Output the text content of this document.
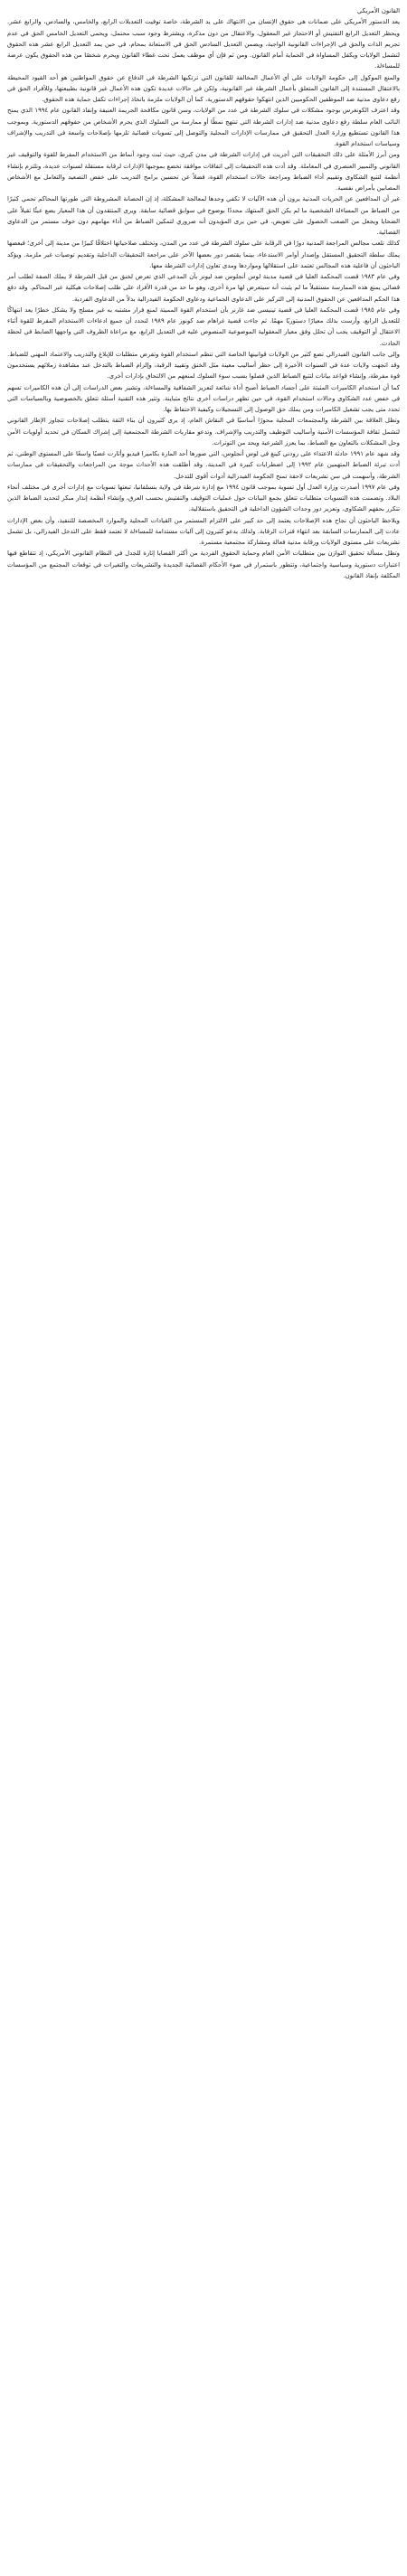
القانون الأمريكي

يعد الدستور الأمريكي على ضمانات هي حقوق الإنسان من الانتهاك على يد الشرطة، خاصة توفيت التعديلات الرابع، والخامس، والسادس، والرابع عشر. ويحظر التعديل الرابع التفتيش أو الاحتجاز غير المعقول، والاعتقال من دون مذكرة، ويشترط وجود سبب محتمل، ويحمي التعديل الخامس الحق في عدم تجريم الذات والحق في الإجراءات القانونية الواجبة، ويضمن التعديل السادس الحق في الاستعانة بمحام، في حين يمد التعديل الرابع عشر هذه الحقوق لتشمل الولايات ويكفل المساواة في الحماية أمام القانون. ومن ثم فإن أي موظف يعمل تحت غطاء القانون ويحرم شخصًا من هذه الحقوق يكون عرضة للمساءلة.

والمنع الموكول إلى حكومة الولايات على أي الأعمال المخالفة للقانون التي ترتكبها الشرطة في الدفاع عن حقوق المواطنين هو أحد القيود المحيطة بالاعتقال المستندة إلى القانون المتعلق بأعمال الشرطة غير القانونية، ولكن في حالات عديدة تكون هذه الأعمال غير قانونية بطبيعتها، وللأفراد الحق في رفع دعاوى مدنية ضد الموظفين الحكوميين الذين انتهكوا حقوقهم الدستورية، كما أن الولايات ملزمة باتخاذ إجراءات تكفل حماية هذه الحقوق.

وقد اعترف الكونغرس بوجود مشكلات في سلوك الشرطة في عدد من الولايات، وسن قانون مكافحة الجريمة العنيفة وإنفاذ القانون عام ١٩٩٤ الذي يمنح النائب العام سلطة رفع دعاوى مدنية ضد إدارات الشرطة التي تنتهج نمطًا أو ممارسة من السلوك الذي يحرم الأشخاص من حقوقهم الدستورية. وبموجب هذا القانون تستطيع وزارة العدل التحقيق في ممارسات الإدارات المحلية والتوصل إلى تسويات قضائية تلزمها بإصلاحات واسعة في التدريب والإشراف وسياسات استخدام القوة.

ومن أبرز الأمثلة على ذلك التحقيقات التي أجريت في إدارات الشرطة في مدن كبرى، حيث ثبت وجود أنماط من الاستخدام المفرط للقوة والتوقيف غير القانوني والتمييز العنصري في المعاملة. وقد أدت هذه التحقيقات إلى اتفاقات موافقة تخضع بموجبها الإدارات لرقابة مستقلة لسنوات عديدة، وتلتزم بإنشاء أنظمة لتتبع الشكاوى وتقييم أداء الضباط ومراجعة حالات استخدام القوة، فضلاً عن تحسين برامج التدريب على خفض التصعيد والتعامل مع الأشخاص المصابين بأمراض نفسية.

غير أن المدافعين عن الحريات المدنية يرون أن هذه الآليات لا تكفي وحدها لمعالجة المشكلة، إذ إن الحصانة المشروطة التي طورتها المحاكم تحمي كثيرًا من الضباط من المساءلة الشخصية ما لم يكن الحق المنتهك محددًا بوضوح في سوابق قضائية سابقة. ويرى المنتقدون أن هذا المعيار يضع عبئًا ثقيلاً على الضحايا ويجعل من الصعب الحصول على تعويض، في حين يرى المؤيدون أنه ضروري لتمكين الضباط من أداء مهامهم دون خوف مستمر من الدعاوى القضائية.

كذلك تلعب مجالس المراجعة المدنية دورًا في الرقابة على سلوك الشرطة في عدد من المدن، وتختلف صلاحياتها اختلافًا كبيرًا من مدينة إلى أخرى؛ فبعضها يملك سلطة التحقيق المستقل وإصدار أوامر الاستدعاء، بينما يقتصر دور بعضها الآخر على مراجعة التحقيقات الداخلية وتقديم توصيات غير ملزمة. ويؤكد الباحثون أن فاعلية هذه المجالس تعتمد على استقلالها ومواردها ومدى تعاون إدارات الشرطة معها.

وفي عام ١٩٨٣ قضت المحكمة العليا في قضية مدينة لوس أنجلوس ضد ليونز بأن المدعي الذي تعرض لخنق من قبل الشرطة لا يملك الصفة لطلب أمر قضائي يمنع هذه الممارسة مستقبلاً ما لم يثبت أنه سيتعرض لها مرة أخرى، وهو ما حد من قدرة الأفراد على طلب إصلاحات هيكلية عبر المحاكم. وقد دفع هذا الحكم المدافعين عن الحقوق المدنية إلى التركيز على الدعاوى الجماعية ودعاوى الحكومة الفيدرالية بدلاً من الدعاوى الفردية.

وفي عام ١٩٨٥ قضت المحكمة العليا في قضية تينيسي ضد غارنر بأن استخدام القوة المميتة لمنع فرار مشتبه به غير مسلح ولا يشكل خطرًا يعد انتهاكًا للتعديل الرابع، وأرست بذلك معيارًا دستوريًا مهمًا. ثم جاءت قضية غراهام ضد كونور عام ١٩٨٩ لتحدد أن جميع ادعاءات الاستخدام المفرط للقوة أثناء الاعتقال أو التوقيف يجب أن تحلل وفق معيار المعقولية الموضوعية المنصوص عليه في التعديل الرابع، مع مراعاة الظروف التي واجهها الضابط في لحظة الحادث.

وإلى جانب القانون الفيدرالي تضع كثير من الولايات قوانينها الخاصة التي تنظم استخدام القوة وتفرض متطلبات للإبلاغ والتدريب والاعتماد المهني للضباط. وقد اتجهت ولايات عدة في السنوات الأخيرة إلى حظر أساليب معينة مثل الخنق وتقييد الرقبة، وإلزام الضباط بالتدخل عند مشاهدة زملائهم يستخدمون قوة مفرطة، وإنشاء قواعد بيانات لتتبع الضباط الذين فصلوا بسبب سوء السلوك لمنعهم من الالتحاق بإدارات أخرى.

كما أن استخدام الكاميرات المثبتة على أجساد الضباط أصبح أداة شائعة لتعزيز الشفافية والمساءلة، وتشير بعض الدراسات إلى أن هذه الكاميرات تسهم في خفض عدد الشكاوى وحالات استخدام القوة، في حين تظهر دراسات أخرى نتائج متباينة. وتثير هذه التقنية أسئلة تتعلق بالخصوصية وبالسياسات التي تحدد متى يجب تشغيل الكاميرات ومن يملك حق الوصول إلى التسجيلات وكيفية الاحتفاظ بها.

وتظل العلاقة بين الشرطة والمجتمعات المحلية محورًا أساسيًا في النقاش العام، إذ يرى كثيرون أن بناء الثقة يتطلب إصلاحات تتجاوز الإطار القانوني لتشمل ثقافة المؤسسات الأمنية وأساليب التوظيف والتدريب والإشراف. وتدعو مقاربات الشرطة المجتمعية إلى إشراك السكان في تحديد أولويات الأمن وحل المشكلات بالتعاون مع الضباط، بما يعزز الشرعية ويحد من التوترات.

وقد شهد عام ١٩٩١ حادثة الاعتداء على رودني كينغ في لوس أنجلوس، التي صورها أحد المارة بكاميرا فيديو وأثارت غضبًا واسعًا على المستوى الوطني، ثم أدت تبرئة الضباط المتهمين عام ١٩٩٢ إلى اضطرابات كبيرة في المدينة. وقد أطلقت هذه الأحداث موجة من المراجعات والتحقيقات في ممارسات الشرطة، وأسهمت في سن تشريعات لاحقة تمنح الحكومة الفيدرالية أدوات أقوى للتدخل.

وفي عام ١٩٩٧ أصدرت وزارة العدل أول تسوية بموجب قانون ١٩٩٤ مع إدارة شرطة في ولاية بنسلفانيا، تبعتها تسويات مع إدارات أخرى في مختلف أنحاء البلاد. وتضمنت هذه التسويات متطلبات تتعلق بجمع البيانات حول عمليات التوقيف والتفتيش بحسب العرق، وإنشاء أنظمة إنذار مبكر لتحديد الضباط الذين تتكرر بحقهم الشكاوى، وتعزيز دور وحدات الشؤون الداخلية في التحقيق باستقلالية.

ويلاحظ الباحثون أن نجاح هذه الإصلاحات يعتمد إلى حد كبير على الالتزام المستمر من القيادات المحلية والموارد المخصصة للتنفيذ، وأن بعض الإدارات عادت إلى الممارسات السابقة بعد انتهاء فترات الرقابة. ولذلك يدعو كثيرون إلى آليات مستدامة للمساءلة لا تعتمد فقط على التدخل الفيدرالي، بل تشمل تشريعات على مستوى الولايات ورقابة مدنية فعالة ومشاركة مجتمعية مستمرة.

وتظل مسألة تحقيق التوازن بين متطلبات الأمن العام وحماية الحقوق الفردية من أكثر القضايا إثارة للجدل في النظام القانوني الأمريكي، إذ تتقاطع فيها اعتبارات دستورية وسياسية واجتماعية، وتتطور باستمرار في ضوء الأحكام القضائية الجديدة والتشريعات والتغيرات في توقعات المجتمع من المؤسسات المكلفة بإنفاذ القانون.
